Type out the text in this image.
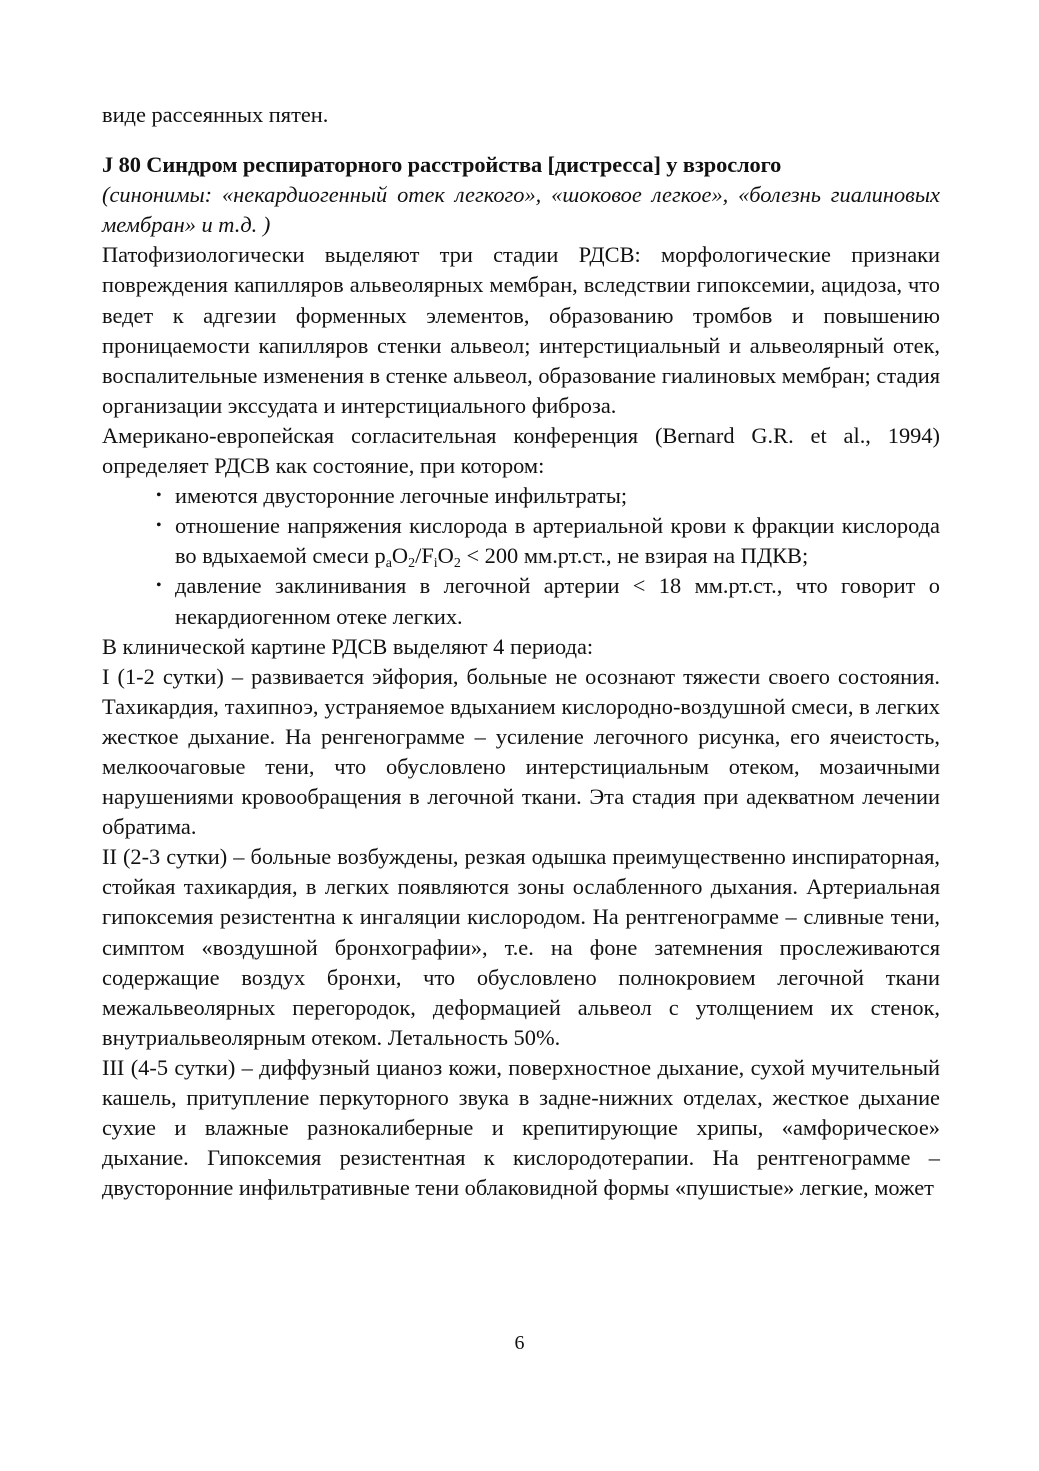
виде рассеянных пятен.

J 80 Синдром респираторного расстройства [дистресса] у взрослого

(синонимы: «некардиогенный отек легкого», «шоковое легкое», «болезнь гиалиновых мембран» и т.д. )

Патофизиологически выделяют три стадии РДСВ: морфологические признаки повреждения капилляров альвеолярных мембран, вследствии гипоксемии, ацидоза, что ведет к адгезии форменных элементов, образованию тромбов и повышению проницаемости капилляров стенки альвеол; интерстициальный и альвеолярный отек, воспалительные изменения в стенке альвеол, образование гиалиновых мембран; стадия организации экссудата и интерстициального фиброза.

Американо-европейская согласительная конференция (Bernard G.R. et al., 1994) определяет РДСВ как состояние, при котором:

• имеются двусторонние легочные инфильтраты;
• отношение напряжения кислорода в артериальной крови к фракции кислорода во вдыхаемой смеси $p_aO_2/F_iO_2 < 200$ мм.рт.ст., не взирая на ПДКВ;
• давление заклинивания в легочной артерии < 18 мм.рт.ст., что говорит о некардиогенном отеке легких.

В клинической картине РДСВ выделяют 4 периода:

I (1-2 сутки) – развивается эйфория, больные не осознают тяжести своего состояния. Тахикардия, тахипноэ, устраняемое вдыханием кислородно-воздушной смеси, в легких жесткое дыхание. На ренгенограмме – усиление легочного рисунка, его ячеистость, мелкоочаговые тени, что обусловлено интерстициальным отеком, мозаичными нарушениями кровообращения в легочной ткани. Эта стадия при адекватном лечении обратима.

II (2-3 сутки) – больные возбуждены, резкая одышка преимущественно инспираторная, стойкая тахикардия, в легких появляются зоны ослабленного дыхания. Артериальная гипоксемия резистентна к ингаляции кислородом. На рентгенограмме – сливные тени, симптом «воздушной бронхографии», т.е. на фоне затемнения прослеживаются содержащие воздух бронхи, что обусловлено полнокровием легочной ткани межальвеолярных перегородок, деформацией альвеол с утолщением их стенок, внутриальвеолярным отеком. Летальность 50%.

III (4-5 сутки) – диффузный цианоз кожи, поверхностное дыхание, сухой мучительный кашель, притупление перкуторного звука в задне-нижних отделах, жесткое дыхание сухие и влажные разнокалиберные и крепитирующие хрипы, «амфорическое» дыхание. Гипоксемия резистентная к кислородотерапии. На рентгенограмме – двусторонние инфильтративные тени облаковидной формы «пушистые» легкие, может

6
